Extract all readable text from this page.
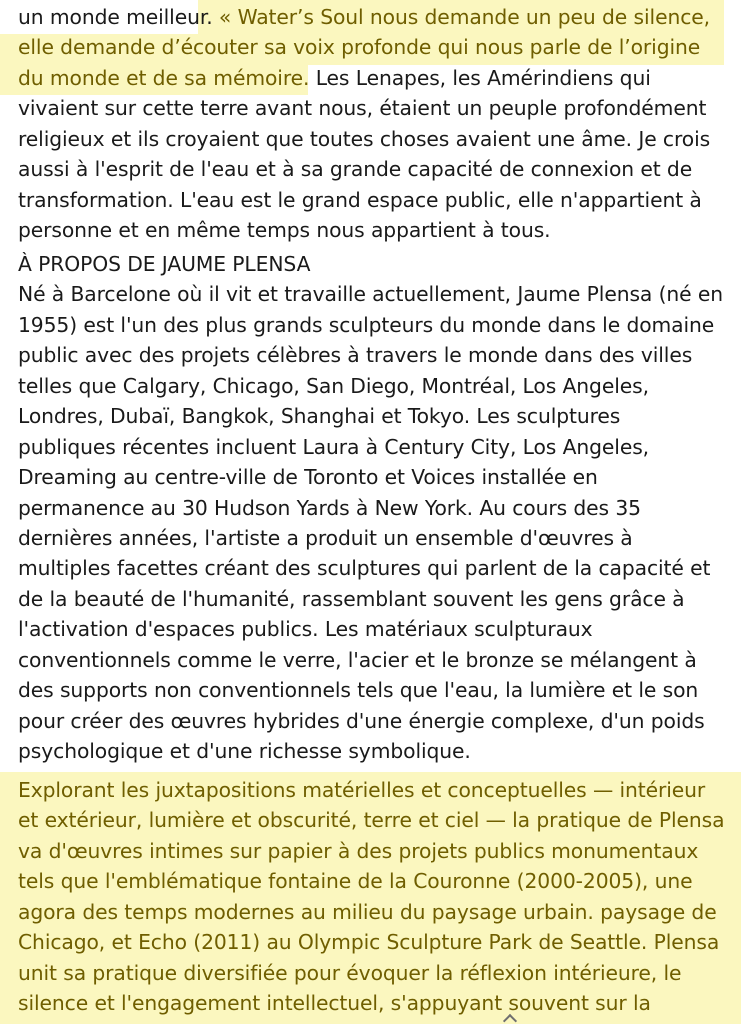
un monde meilleur. « Water’s Soul nous demande un peu de silence,
elle demande d’écouter sa voix profonde qui nous parle de l’origine
du monde et de sa mémoire. Les Lenapes, les Amérindiens qui
vivaient sur cette terre avant nous, étaient un peuple profondément
religieux et ils croyaient que toutes choses avaient une âme. Je crois
aussi à l'esprit de l'eau et à sa grande capacité de connexion et de
transformation. L'eau est le grand espace public, elle n'appartient à
personne et en même temps nous appartient à tous.
À PROPOS DE JAUME PLENSA
Né à Barcelone où il vit et travaille actuellement, Jaume Plensa (né en
1955) est l'un des plus grands sculpteurs du monde dans le domaine
public avec des projets célèbres à travers le monde dans des villes
telles que Calgary, Chicago, San Diego, Montréal, Los Angeles,
Londres, Dubaï, Bangkok, Shanghai et Tokyo. Les sculptures
publiques récentes incluent Laura à Century City, Los Angeles,
Dreaming au centre-ville de Toronto et Voices installée en
permanence au 30 Hudson Yards à New York. Au cours des 35
dernières années, l'artiste a produit un ensemble d'œuvres à
multiples facettes créant des sculptures qui parlent de la capacité et
de la beauté de l'humanité, rassemblant souvent les gens grâce à
l'activation d'espaces publics. Les matériaux sculpturaux
conventionnels comme le verre, l'acier et le bronze se mélangent à
des supports non conventionnels tels que l'eau, la lumière et le son
pour créer des œuvres hybrides d'une énergie complexe, d'un poids
psychologique et d'une richesse symbolique.
Explorant les juxtapositions matérielles et conceptuelles — intérieur
et extérieur, lumière et obscurité, terre et ciel — la pratique de Plensa
va d'œuvres intimes sur papier à des projets publics monumentaux
tels que l'emblématique fontaine de la Couronne (2000-2005), une
agora des temps modernes au milieu du paysage urbain. paysage de
Chicago, et Echo (2011) au Olympic Sculpture Park de Seattle. Plensa
unit sa pratique diversifiée pour évoquer la réflexion intérieure, le
silence et l'engagement intellectuel, s'appuyant souvent sur la
